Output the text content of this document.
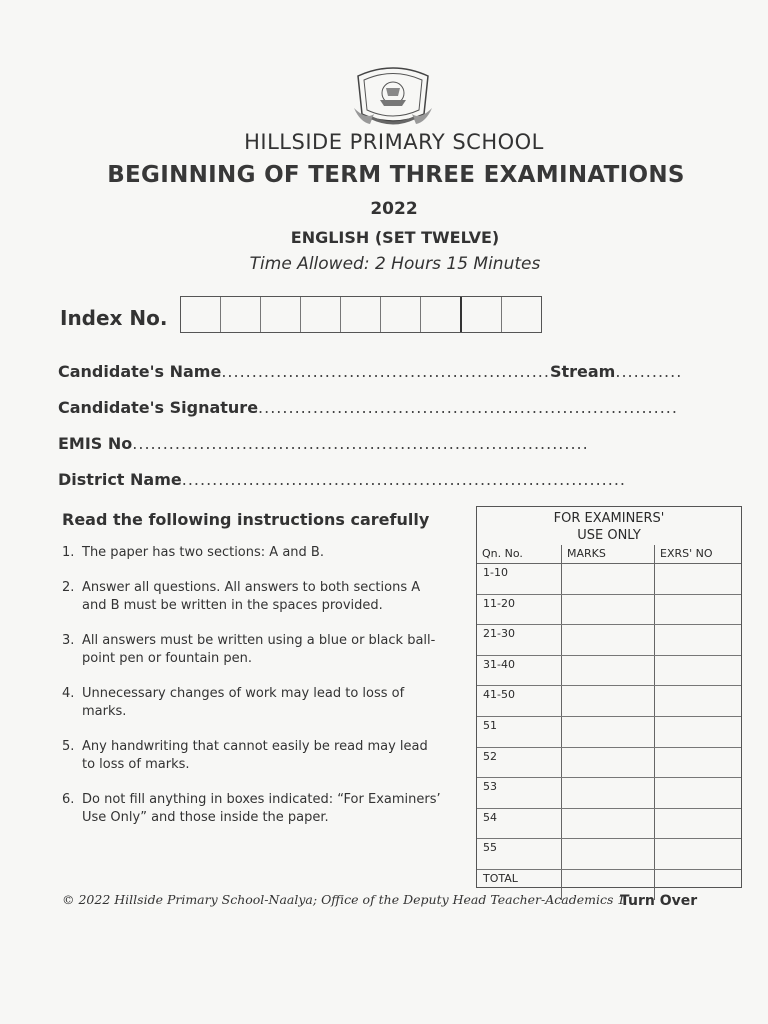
HILLSIDE PRIMARY SCHOOL
BEGINNING OF TERM THREE EXAMINATIONS
2022
ENGLISH (SET TWELVE)
Time Allowed: 2 Hours 15 Minutes
Index No.
Candidate's Name......................................................Stream...........
Candidate's Signature.....................................................................
EMIS No...........................................................................
District Name.........................................................................
Read the following instructions carefully
1. The paper has two sections: A and B.
2. Answer all questions. All answers to both sections A and B must be written in the spaces provided.
3. All answers must be written using a blue or black ball-point pen or fountain pen.
4. Unnecessary changes of work may lead to loss of marks.
5. Any handwriting that cannot easily be read may lead to loss of marks.
6. Do not fill anything in boxes indicated: “For Examiners’ Use Only” and those inside the paper.
FOR EXAMINERS'
USE ONLY
Qn. No.	MARKS	EXRS' NO
1-10
11-20
21-30
31-40
41-50
51
52
53
54
55
TOTAL
© 2022 Hillside Primary School-Naalya; Office of the Deputy Head Teacher-Academics 1
Turn Over
